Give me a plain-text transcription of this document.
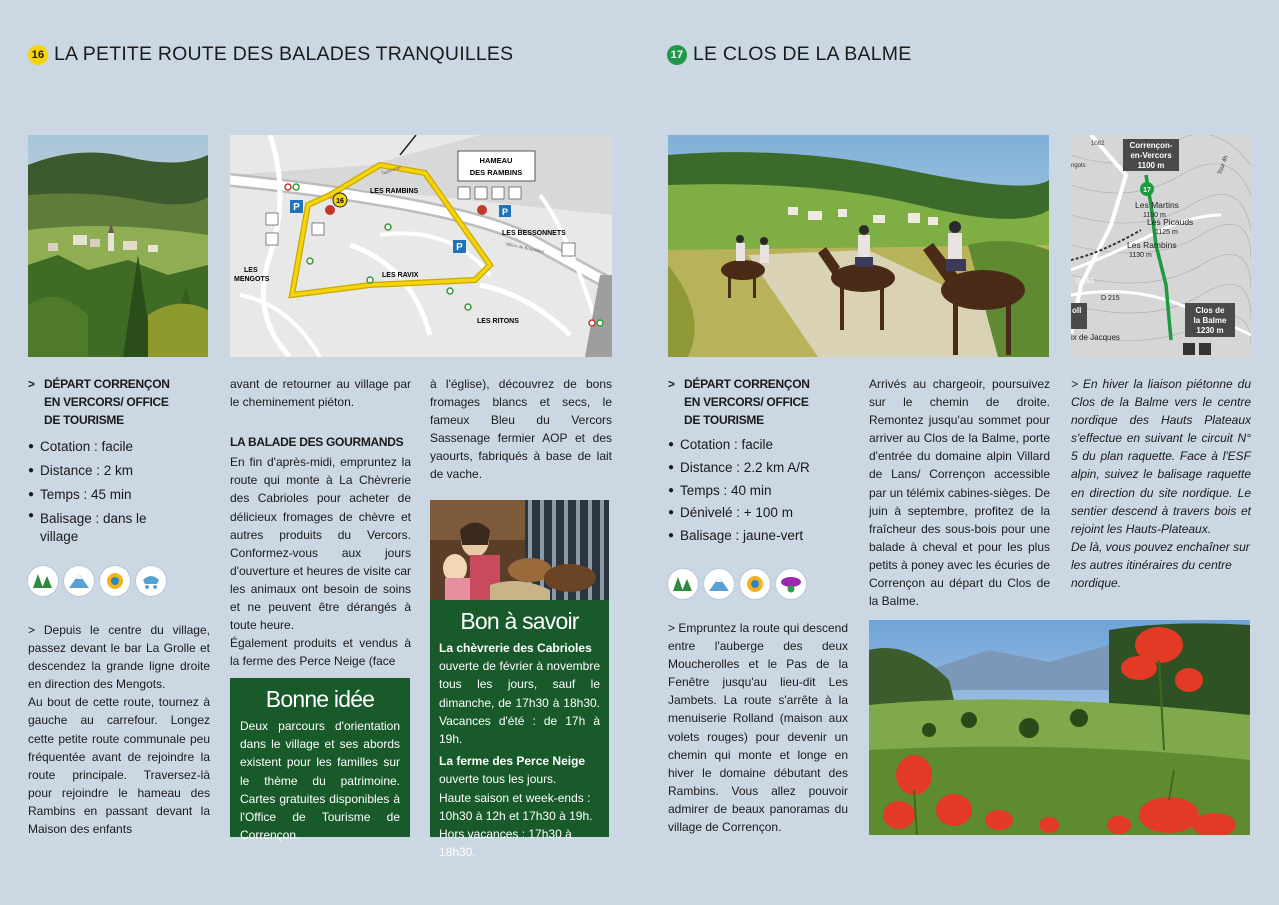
16 LA PETITE ROUTE DES BALADES TRANQUILLES
HAMEAU
DES RAMBINS
P
P
P
16
LES RAMBINS
LES BESSONNETS
LES
MENGOTS
LES RAVIX
LES RITONS
Tapeneige
Vallon de Bournillon
> DÉPART CORRENÇON
EN VERCORS/ OFFICE
DE TOURISME
● Cotation : facile
● Distance : 2 km
● Temps : 45 min
● Balisage : dans le village

> Depuis le centre du village, passez devant le bar La Grolle et descendez la grande ligne droite en direction des Mengots.

Au bout de cette route, tournez à gauche au carrefour. Longez cette petite route communale peu fréquentée avant de rejoindre la route principale. Traversez-là pour rejoindre le hameau des Rambins en passant devant la Maison des enfants

avant de retourner au village par le cheminement piéton.

LA BALADE DES GOURMANDS

En fin d'après-midi, empruntez la route qui monte à La Chèvrerie des Cabrioles pour acheter de délicieux fromages de chèvre et autres produits du Vercors. Conformez-vous aux jours d'ouverture et heures de visite car les animaux ont besoin de soins et ne peuvent être dérangés à toute heure.

Également produits et vendus à la ferme des Perce Neige (face

Bonne idée

Deux parcours d'orientation dans le village et ses abords existent pour les familles sur le thème du patrimoine. Cartes gratuites disponibles à l'Office de Tourisme de Corrençon.

à l'église), découvrez de bons fromages blancs et secs, le fameux Bleu du Vercors Sassenage fermier AOP et des yaourts, fabriqués à base de lait de vache.

Bon à savoir

La chèvrerie des Cabrioles

ouverte de février à novembre tous les jours, sauf le dimanche, de 17h30 à 18h30. Vacances d'été : de 17h à 19h.

La ferme des Perce Neige

ouverte tous les jours.

Haute saison et week-ends : 10h30 à 12h et 17h30 à 19h.

Hors vacances : 17h30 à 18h30.

17 LE CLOS DE LA BALME
Corrençon-
en-Vercors
1100 m
17
Les Martins
1100 m
Les Picauds
1125 m
Les Rambins
1130 m
Clos de
la Balme
1230 m
oll
ix de Jacques
D 215
GR91
1082
ngots	Tour 4h
> DÉPART CORRENÇON
EN VERCORS/ OFFICE
DE TOURISME
● Cotation : facile
● Distance : 2.2 km A/R
● Temps : 40 min
● Dénivelé : + 100 m
● Balisage : jaune-vert

> Empruntez la route qui descend entre l'auberge des deux Moucherolles et le Pas de la Fenêtre jusqu'au lieu-dit Les Jambets. La route s'arrête à la menuiserie Rolland (maison aux volets rouges) pour devenir un chemin qui monte et longe en hiver le domaine débutant des Rambins. Vous allez pouvoir admirer de beaux panoramas du village de Corrençon.

Arrivés au chargeoir, poursuivez sur le chemin de droite. Remontez jusqu'au sommet pour arriver au Clos de la Balme, porte d'entrée du domaine alpin Villard de Lans/ Corrençon accessible par un télémix cabines-sièges. De juin à septembre, profitez de la fraîcheur des sous-bois pour une balade à cheval et pour les plus petits à poney avec les écuries de Corrençon au départ du Clos de la Balme.

> En hiver la liaison piétonne du Clos de la Balme vers le centre nordique des Hauts Plateaux s'effectue en suivant le circuit N° 5 du plan raquette. Face à l'ESF alpin, suivez le balisage raquette en direction du site nordique. Le sentier descend à travers bois et rejoint les Hauts-Plateaux.

De là, vous pouvez enchaîner sur les autres itinéraires du centre nordique.
